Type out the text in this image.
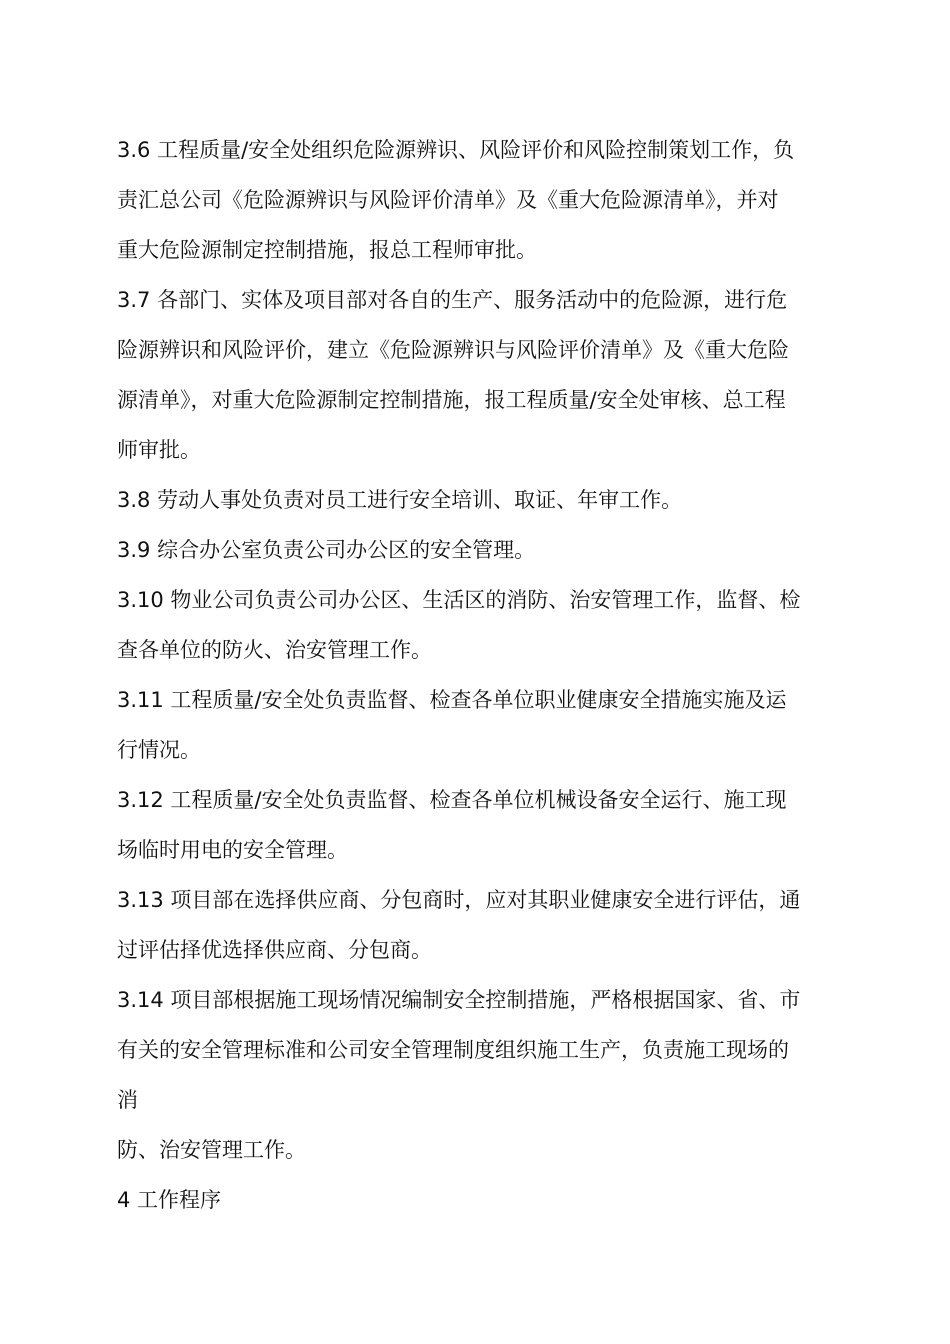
3.6 工程质量/安全处组织危险源辨识、风险评价和风险控制策划工作，负
责汇总公司《危险源辨识与风险评价清单》及《重大危险源清单》，并对
重大危险源制定控制措施，报总工程师审批。
3.7 各部门、实体及项目部对各自的生产、服务活动中的危险源，进行危
险源辨识和风险评价，建立《危险源辨识与风险评价清单》及《重大危险
源清单》，对重大危险源制定控制措施，报工程质量/安全处审核、总工程
师审批。
3.8 劳动人事处负责对员工进行安全培训、取证、年审工作。
3.9 综合办公室负责公司办公区的安全管理。
3.10 物业公司负责公司办公区、生活区的消防、治安管理工作，监督、检
查各单位的防火、治安管理工作。
3.11 工程质量/安全处负责监督、检查各单位职业健康安全措施实施及运
行情况。
3.12 工程质量/安全处负责监督、检查各单位机械设备安全运行、施工现
场临时用电的安全管理。
3.13 项目部在选择供应商、分包商时，应对其职业健康安全进行评估，通
过评估择优选择供应商、分包商。
3.14 项目部根据施工现场情况编制安全控制措施，严格根据国家、省、市
有关的安全管理标准和公司安全管理制度组织施工生产，负责施工现场的
消
防、治安管理工作。
4 工作程序
